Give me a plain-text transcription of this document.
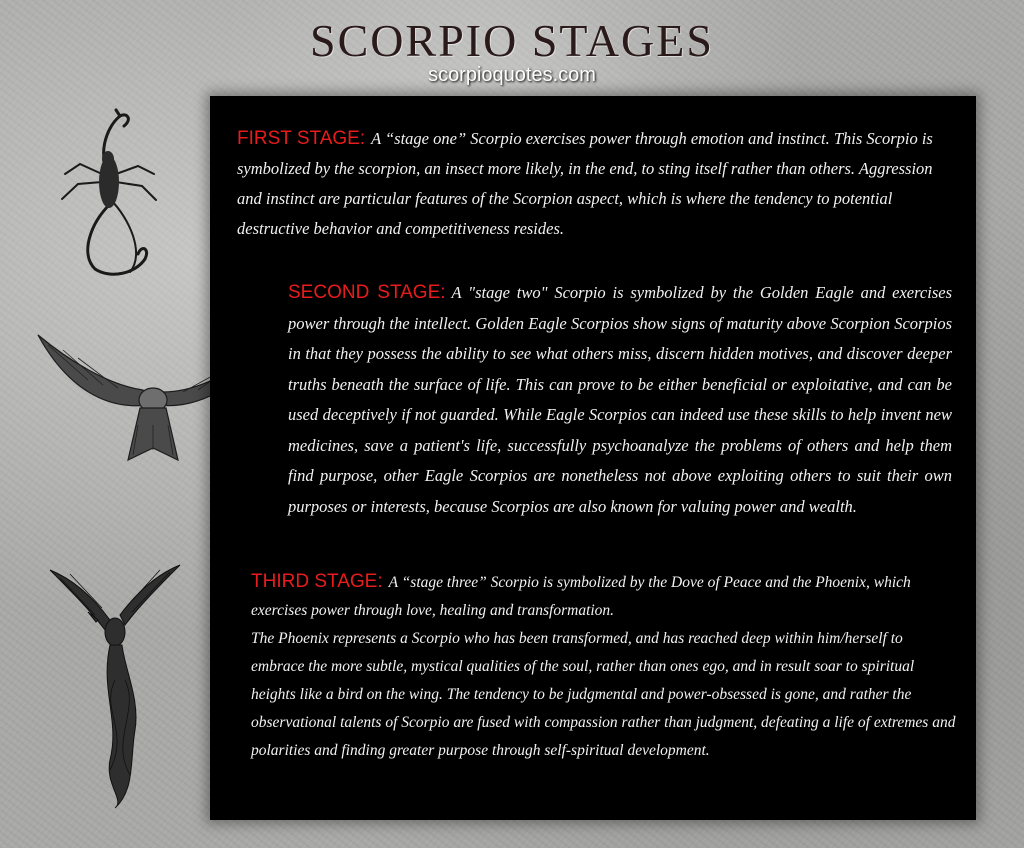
SCORPIO STAGES
scorpioquotes.com
FIRST STAGE: A “stage one” Scorpio exercises power through emotion and instinct. This Scorpio is symbolized by the scorpion, an insect more likely, in the end, to sting itself rather than others. Aggression and instinct are particular features of the Scorpion aspect, which is where the tendency to potential destructive behavior and competitiveness resides.
SECOND STAGE: A "stage two" Scorpio is symbolized by the Golden Eagle and exercises power through the intellect. Golden Eagle Scorpios show signs of maturity above Scorpion Scorpios in that they possess the ability to see what others miss, discern hidden motives, and discover deeper truths beneath the surface of life. This can prove to be either beneficial or exploitative, and can be used deceptively if not guarded. While Eagle Scorpios can indeed use these skills to help invent new medicines, save a patient's life, successfully psychoanalyze the problems of others and help them find purpose, other Eagle Scorpios are nonetheless not above exploiting others to suit their own purposes or interests, because Scorpios are also known for valuing power and wealth.

THIRD STAGE: A “stage three” Scorpio is symbolized by the Dove of Peace and the Phoenix, which exercises power through love, healing and transformation.

The Phoenix represents a Scorpio who has been transformed, and has reached deep within him/herself to embrace the more subtle, mystical qualities of the soul, rather than ones ego, and in result soar to spiritual heights like a bird on the wing. The tendency to be judgmental and power-obsessed is gone, and rather the observational talents of Scorpio are fused with compassion rather than judgment, defeating a life of extremes and polarities and finding greater purpose through self-spiritual development.
